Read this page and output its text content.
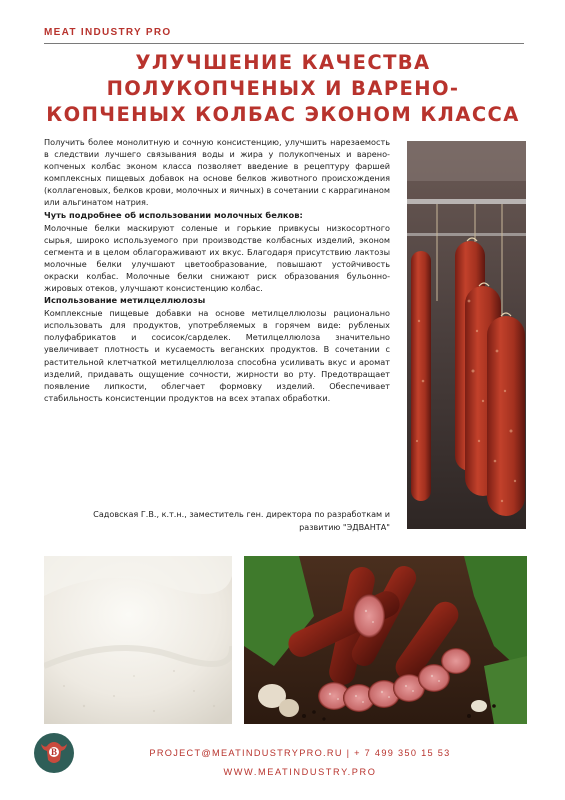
MEAT INDUSTRY PRO
УЛУЧШЕНИЕ КАЧЕСТВА
ПОЛУКОПЧЕНЫХ И ВАРЕНО-
КОПЧЕНЫХ КОЛБАС ЭКОНОМ КЛАССА

Получить более монолитную и сочную консистенцию, улучшить нарезаемость в следствии лучшего связывания воды и жира у полукопченых и варено-копченых колбас эконом класса позволяет введение в рецептуру фаршей комплексных пищевых добавок на основе белков животного происхождения (коллагеновых, белков крови, молочных и яичных) в сочетании с каррагинаном или альгинатом натрия.

Чуть подробнее об использовании молочных белков:

Молочные белки маскируют соленые и горькие привкусы низкосортного сырья, широко используемого при производстве колбасных изделий, эконом сегмента и в целом облагораживают их вкус. Благодаря присутствию лактозы молочные белки улучшают цветообразование, повышают устойчивость окраски колбас. Молочные белки снижают риск образования бульонно-жировых отеков, улучшают консистенцию колбас.

Использование метилцеллюлозы

Комплексные пищевые добавки на основе метилцеллюлозы рационально использовать для продуктов, употребляемых в горячем виде: рубленых полуфабрикатов и сосисок/сарделек. Метилцеллюлоза значительно увеличивает плотность и кусаемость веганских продуктов. В сочетании с растительной клетчаткой метилцеллюлоза способна усиливать вкус и аромат изделий, придавать ощущение сочности, жирности во рту. Предотвращает появление липкости, облегчает формовку изделий. Обеспечивает стабильность консистенции продуктов на всех этапах обработки.

Садовская Г.В., к.т.н., заместитель ген. директора по разработкам и
развитию "ЭДВАНТА"
B	PROJECT@MEATINDUSTRYPRO.RU | + 7 499 350 15 53
WWW.MEATINDUSTRY.PRO
